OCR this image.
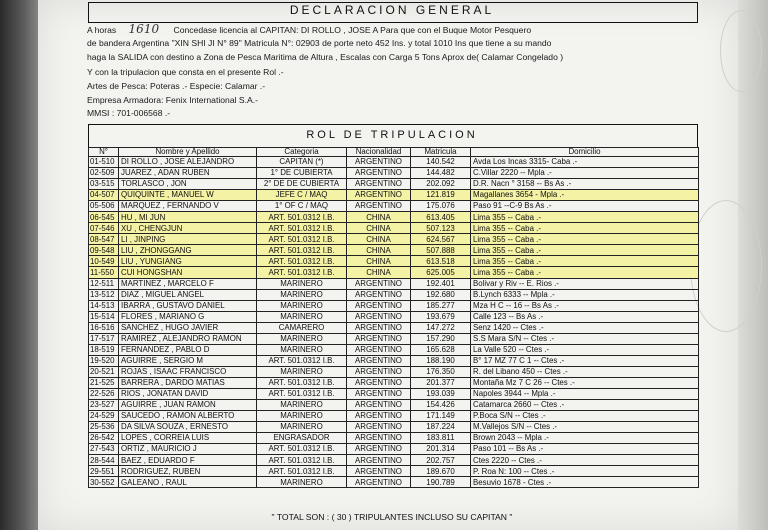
DECLARACION GENERAL
A horas 1610 Concedase licencia al CAPITAN: DI ROLLO , JOSE A Para que con el Buque Motor Pesquero
de bandera Argentina "XIN SHI JI N° 89" Matricula N°: 02903 de porte neto 452 Ins. y total 1010 Ins que tiene a su mando
haga la SALIDA con destino a Zona de Pesca Maritima de Altura , Escalas con Carga 5 Tons Aprox de( Calamar Congelado )
Y con la tripulacion que consta en el presente Rol .-
Artes de Pesca: Poteras .- Especie: Calamar .-
Empresa Armadora: Fenix International S.A.-
MMSI : 701-006568 .-
ROL DE TRIPULACION
N°	Nombre y Apellido	Categoria	Nacionalidad	Matricula	Domicilio
01-510	DI ROLLO , JOSE ALEJANDRO	CAPITAN (*)	ARGENTINO	140.542	Avda Los Incas 3315- Caba .-
02-509	JUAREZ , ADAN RUBEN	1° DE CUBIERTA	ARGENTINO	144.482	C.Villar 2220 -- Mpla .-
03-515	TORLASCO , JON	2° DE DE CUBIERTA	ARGENTINO	202.092	D.R. Nacn ° 3158 -- Bs As .-
04-507	QUIQUINTE , MANUEL W	JEFE C / MAQ	ARGENTINO	121.819	Magallanes 3654 - Mpla .-
05-506	MARQUEZ , FERNANDO V	1° OF C / MAQ	ARGENTINO	175.076	Paso 91 --C-9 Bs As .-
06-545	HU , MI JUN	ART. 501.0312 I.B.	CHINA	613.405	Lima 355 -- Caba .-
07-546	XU , CHENGJUN	ART. 501.0312 I.B.	CHINA	507.123	Lima 355 -- Caba .-
08-547	LI , JINPING	ART. 501.0312 I.B.	CHINA	624.567	Lima 355 -- Caba .-
09-548	LIU , ZHONGGANG	ART. 501.0312 I.B.	CHINA	507.888	Lima 355 -- Caba .-
10-549	LIU , YUNGIANG	ART. 501.0312 I.B.	CHINA	613.518	Lima 355 -- Caba .-
11-550	CUI HONGSHAN	ART. 501.0312 I.B.	CHINA	625.005	Lima 355 -- Caba .-
12-511	MARTINEZ , MARCELO F	MARINERO	ARGENTINO	192.401	Bolivar y Riv -- E. Rios .-
13-512	DIAZ , MIGUEL ANGEL	MARINERO	ARGENTINO	192.680	B.Lynch 6333 -- Mpla .-
14-513	IBARRA , GUSTAVO DANIEL	MARINERO	ARGENTINO	185.277	Mza H C -- 16 -- Bs As .-
15-514	FLORES , MARIANO G	MARINERO	ARGENTINO	193.679	Calle 123 -- Bs As .-
16-516	SANCHEZ , HUGO JAVIER	CAMARERO	ARGENTINO	147.272	Senz 1420 -- Ctes .-
17-517	RAMIREZ , ALEJANDRO RAMON	MARINERO	ARGENTINO	157.290	S.S Mara S/N -- Ctes .-
18-519	FERNANDEZ , PABLO D	MARINERO	ARGENTINO	165.628	La Valle 520 -- Ctes .-
19-520	AGUIRRE , SERGIO M	ART. 501.0312 I.B.	ARGENTINO	188.190	B° 17 MZ 77 C 1 -- Ctes .-
20-521	ROJAS , ISAAC FRANCISCO	MARINERO	ARGENTINO	176.350	R. del Libano 450 -- Ctes .-
21-525	BARRERA , DARDO MATIAS	ART. 501.0312 I.B.	ARGENTINO	201.377	Montaña Mz 7 C 26 -- Ctes .-
22-526	RIOS , JONATAN DAVID	ART. 501.0312 I.B.	ARGENTINO	193.039	Napoles 3944 -- Mpla .-
23-527	AGUIRRE , JUAN RAMON	MARINERO	ARGENTINO	154.426	Catamarca 2660 -- Ctes .-
24-529	SAUCEDO , RAMON ALBERTO	MARINERO	ARGENTINO	171.149	P.Boca S/N -- Ctes .-
25-536	DA SILVA SOUZA , ERNESTO	MARINERO	ARGENTINO	187.224	M.Vallejos S/N -- Ctes .-
26-542	LOPES , CORREIA LUIS	ENGRASADOR	ARGENTINO	183.811	Brown 2043 -- Mpla .-
27-543	ORTIZ , MAURICIO J	ART. 501.0312 I.B.	ARGENTINO	201.314	Paso 101 -- Bs As .-
28-544	BAEZ , EDUARDO F	ART. 501.0312 I.B.	ARGENTINO	202.757	Ctes 2220 -- Ctes .-
29-551	RODRIGUEZ, RUBEN	ART. 501.0312 I.B.	ARGENTINO	189.670	P. Roa N: 100 -- Ctes .-
30-552	GALEANO , RAUL	MARINERO	ARGENTINO	190.789	Besuvio 1678 - Ctes .-
" TOTAL SON : ( 30 ) TRIPULANTES INCLUSO SU CAPITAN "
